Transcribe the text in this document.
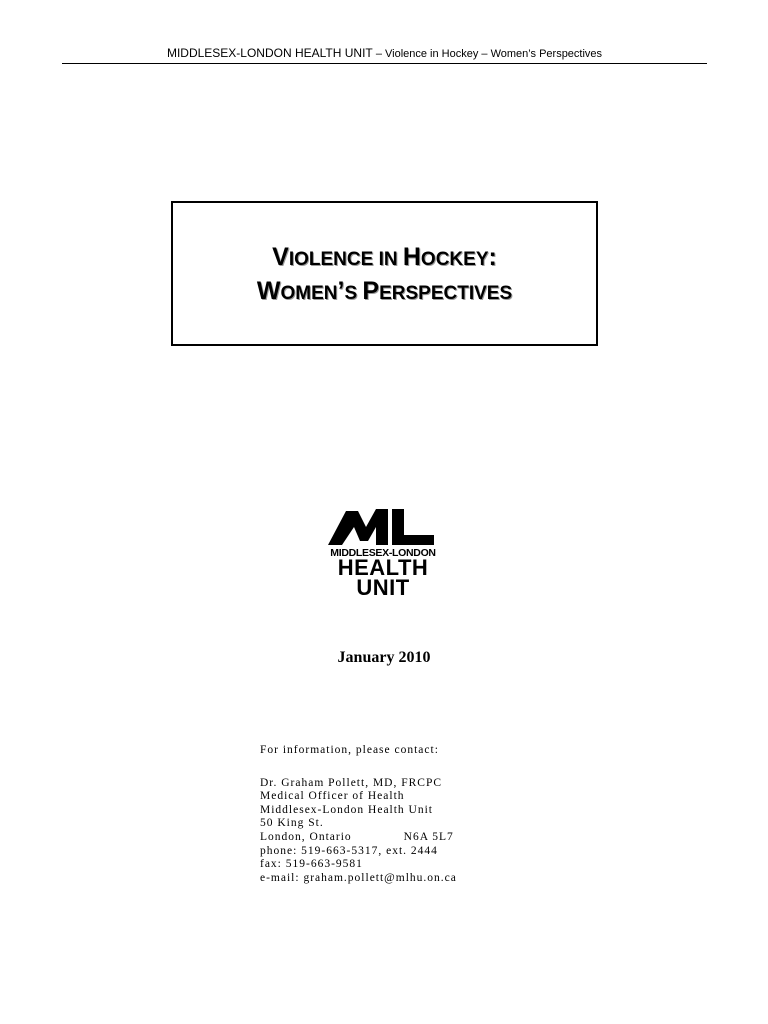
MIDDLESEX-LONDON HEALTH UNIT – Violence in Hockey – Women’s Perspectives
VIOLENCE IN HOCKEY:
WOMEN’S PERSPECTIVES
MIDDLESEX-LONDON
HEALTH
UNIT
January 2010
For information, please contact:
Dr. Graham Pollett, MD, FRCPC
Medical Officer of Health
Middlesex-London Health Unit
50 King St.
London, Ontario	N6A 5L7
phone: 519-663-5317, ext. 2444
fax: 519-663-9581
e-mail: graham.pollett@mlhu.on.ca
